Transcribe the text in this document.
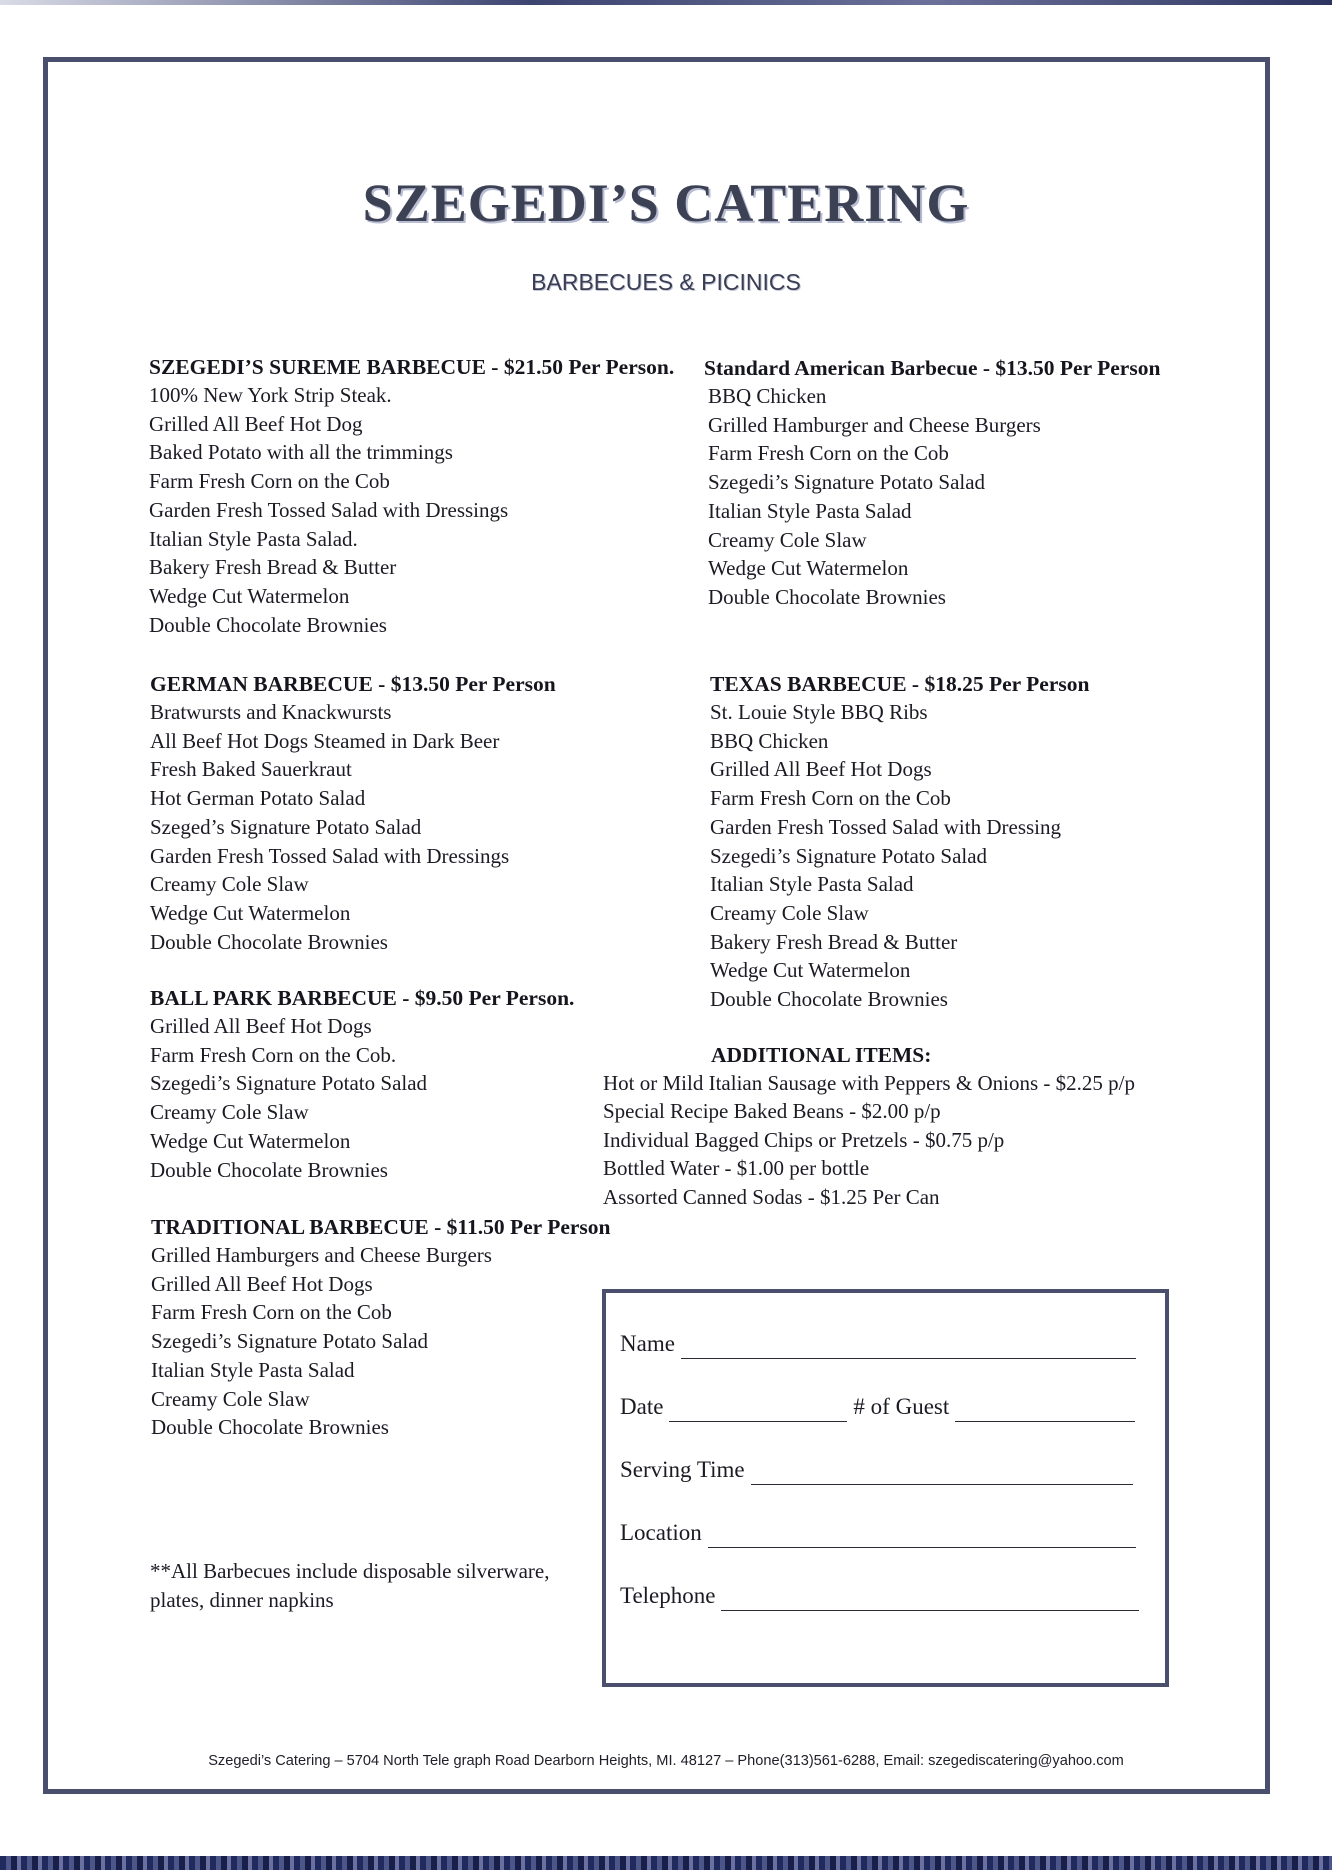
SZEGEDI’S CATERING

BARBECUES & PICINICS

SZEGEDI’S SUREME BARBECUE - $21.50 Per Person.
100% New York Strip Steak.
Grilled All Beef Hot Dog
Baked Potato with all the trimmings
Farm Fresh Corn on the Cob
Garden Fresh Tossed Salad with Dressings
Italian Style Pasta Salad.
Bakery Fresh Bread & Butter
Wedge Cut Watermelon
Double Chocolate Brownies
Standard American Barbecue - $13.50 Per Person
BBQ Chicken
Grilled Hamburger and Cheese Burgers
Farm Fresh Corn on the Cob
Szegedi’s Signature Potato Salad
Italian Style Pasta Salad
Creamy Cole Slaw
Wedge Cut Watermelon
Double Chocolate Brownies
GERMAN BARBECUE - $13.50 Per Person
Bratwursts and Knackwursts
All Beef Hot Dogs Steamed in Dark Beer
Fresh Baked Sauerkraut
Hot German Potato Salad
Szeged’s Signature Potato Salad
Garden Fresh Tossed Salad with Dressings
Creamy Cole Slaw
Wedge Cut Watermelon
Double Chocolate Brownies
TEXAS BARBECUE - $18.25 Per Person
St. Louie Style BBQ Ribs
BBQ Chicken
Grilled All Beef Hot Dogs
Farm Fresh Corn on the Cob
Garden Fresh Tossed Salad with Dressing
Szegedi’s Signature Potato Salad
Italian Style Pasta Salad
Creamy Cole Slaw
Bakery Fresh Bread & Butter
Wedge Cut Watermelon
Double Chocolate Brownies
BALL PARK BARBECUE - $9.50 Per Person.
Grilled All Beef Hot Dogs
Farm Fresh Corn on the Cob.
Szegedi’s Signature Potato Salad
Creamy Cole Slaw
Wedge Cut Watermelon
Double Chocolate Brownies
ADDITIONAL ITEMS:
Hot or Mild Italian Sausage with Peppers & Onions - $2.25 p/p
Special Recipe Baked Beans - $2.00 p/p
Individual Bagged Chips or Pretzels - $0.75 p/p
Bottled Water - $1.00 per bottle
Assorted Canned Sodas - $1.25 Per Can
TRADITIONAL BARBECUE - $11.50 Per Person
Grilled Hamburgers and Cheese Burgers
Grilled All Beef Hot Dogs
Farm Fresh Corn on the Cob
Szegedi’s Signature Potato Salad
Italian Style Pasta Salad
Creamy Cole Slaw
Double Chocolate Brownies

**All Barbecues include disposable silverware, plates, dinner napkins

Name
Date	# of Guest
Serving Time
Location
Telephone

Szegedi’s Catering – 5704 North Tele graph Road Dearborn Heights, MI. 48127 – Phone(313)561-6288, Email: szegediscatering@yahoo.com
